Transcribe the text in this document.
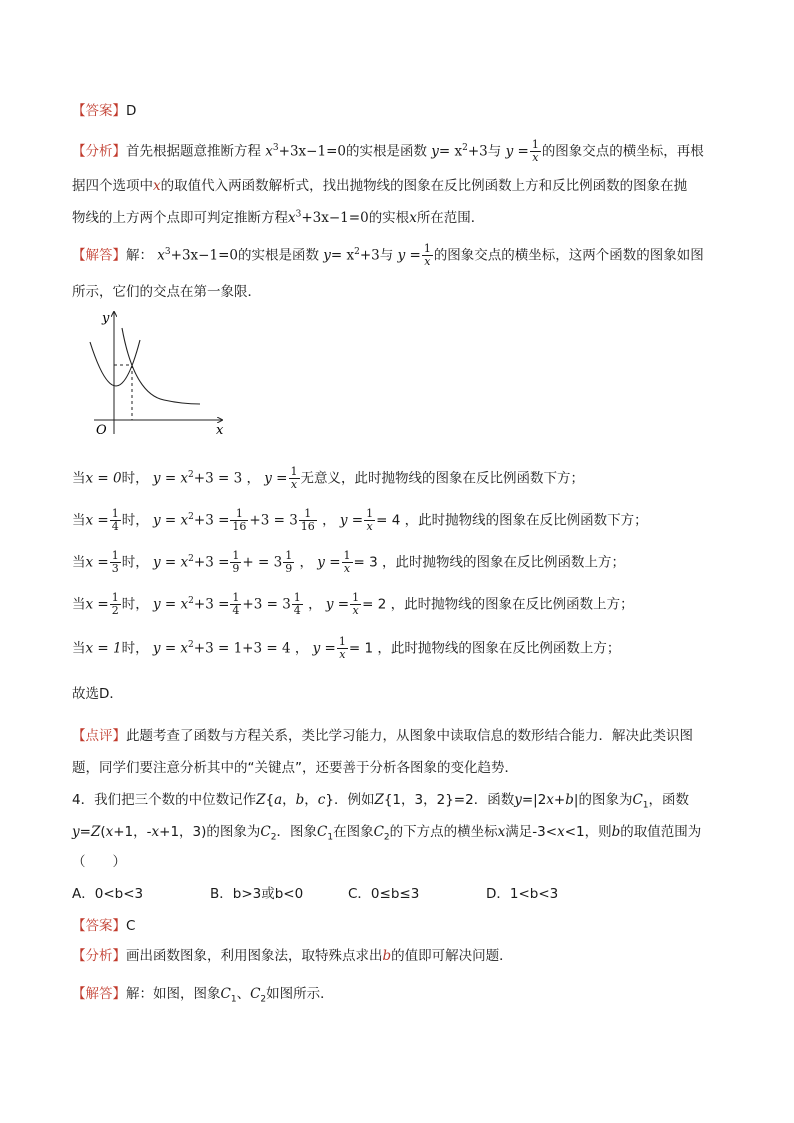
【答案】D
【分析】首先根据题意推断方程 $x^3+3x-1=0$的实根是函数 $y= x^2+3$与 $y = \frac{1}{x}$ 的图象交点的横坐标，再根
据四个选项中x的取值代入两函数解析式，找出抛物线的图象在反比例函数上方和反比例函数的图象在抛
物线的上方两个点即可判定推断方程$x^3+3x-1=0$的实根x所在范围．
【解答】解： $x^3+3x-1=0$的实根是函数 $y= x^2+3$与 $y = \frac{1}{x}$ 的图象交点的横坐标，这两个函数的图象如图
所示，它们的交点在第一象限．
y
x
O
当x = 0时， $y = x^2+3 = 3$ ， $y = \frac{1}{x}$ 无意义，此时抛物线的图象在反比例函数下方；
当$x = \frac{1}{4}$ 时， $y = x^2+3 = \frac{1}{16} +3 = 3 \frac{1}{16}$ ， $y = \frac{1}{x} = 4$ ，此时抛物线的图象在反比例函数下方；
当$x = \frac{1}{3}$ 时， $y = x^2+3 = \frac{1}{9}$ + = $3 \frac{1}{9}$ ， $y = \frac{1}{x} = 3$ ，此时抛物线的图象在反比例函数上方；
当$x = \frac{1}{2}$ 时， $y = x^2+3 = \frac{1}{4} +3 = 3 \frac{1}{4}$ ， $y = \frac{1}{x} = 2$ ，此时抛物线的图象在反比例函数上方；
当x = 1时， $y = x^2+3 = 1+3 = 4$ ， $y = \frac{1}{x} = 1$ ，此时抛物线的图象在反比例函数上方；
故选D．
【点评】此题考查了函数与方程关系，类比学习能力，从图象中读取信息的数形结合能力．解决此类识图
题，同学们要注意分析其中的“关键点”，还要善于分析各图象的变化趋势．
4．我们把三个数的中位数记作Z{a，b，c}．例如Z{1，3，2}=2．函数y=|2x+b|的图象为$C_1$，函数
y=Z(x+1，-x+1，3)的图象为$C_2$．图象$C_1$在图象$C_2$的下方点的横坐标x满足-3<x<1，则b的取值范围为
（　　）
A．0<b<3	B．b>3或b<0	C．0≤b≤3	D．1<b<3
【答案】C
【分析】画出函数图象，利用图象法，取特殊点求出b的值即可解决问题．
【解答】解：如图，图象$C_1$、$C_2$如图所示．
